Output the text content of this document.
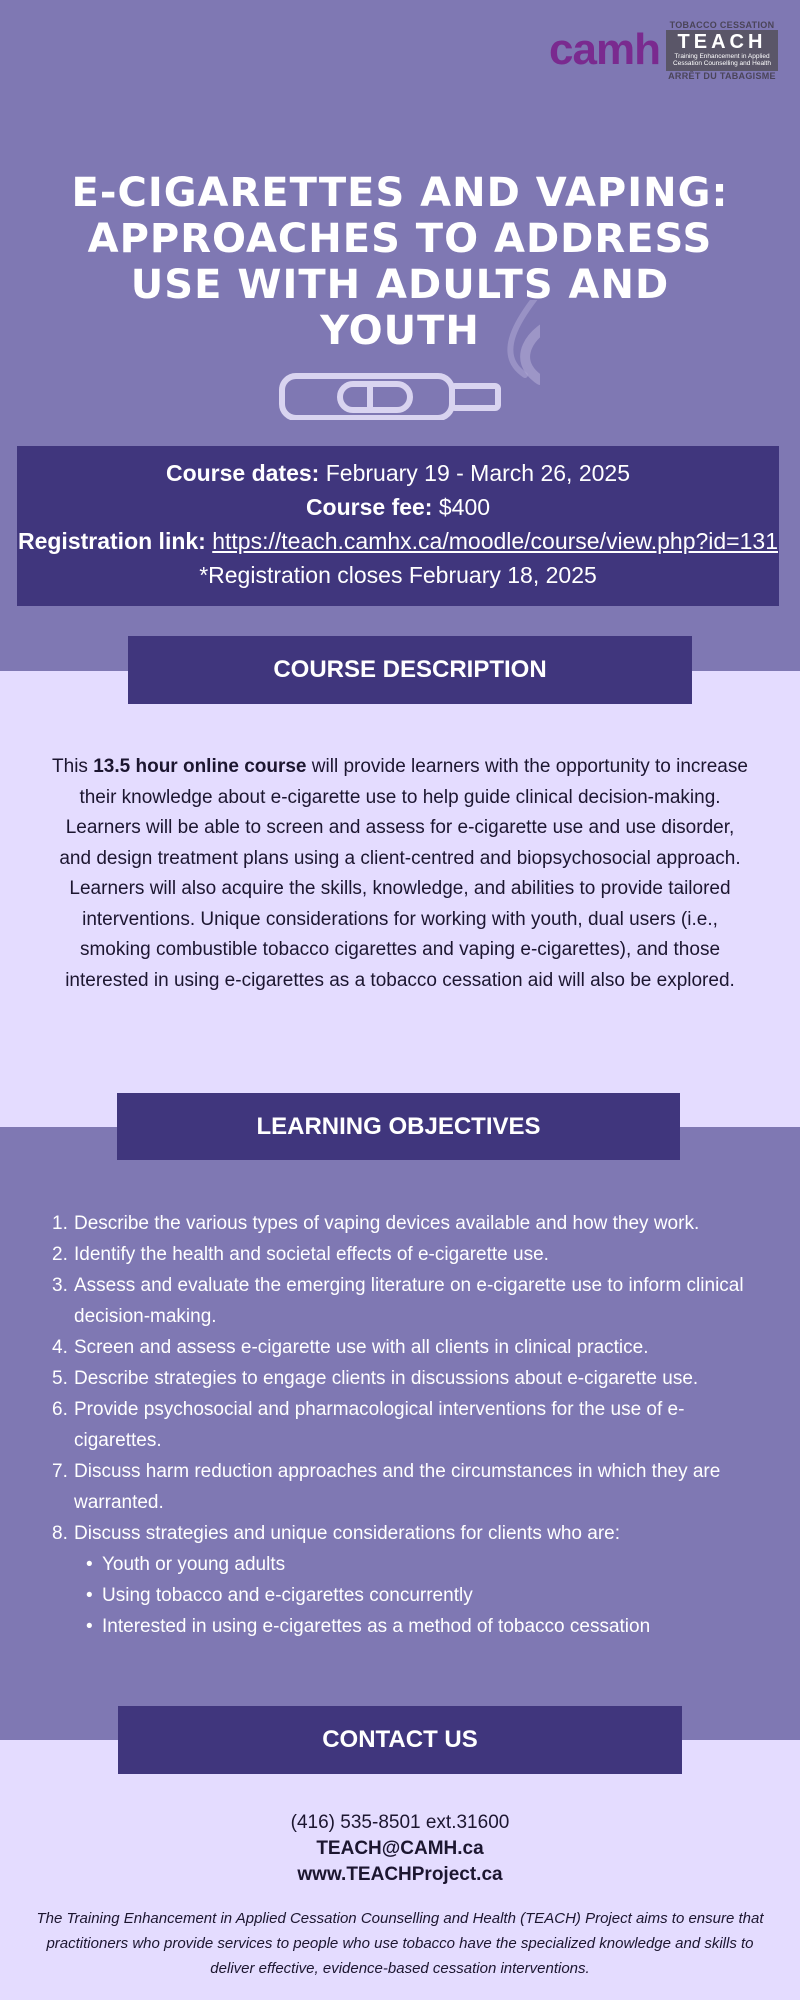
camh
TOBACCO CESSATION
TEACH
Training Enhancement in Applied Cessation Counselling and Health
ARRÊT DU TABAGISME
E-CIGARETTES AND VAPING: APPROACHES TO ADDRESS USE WITH ADULTS AND YOUTH
Course dates: February 19 - March 26, 2025
Course fee: $400
Registration link: https://teach.camhx.ca/moodle/course/view.php?id=131
*Registration closes February 18, 2025
COURSE DESCRIPTION

This 13.5 hour online course will provide learners with the opportunity to increase their knowledge about e-cigarette use to help guide clinical decision-making. Learners will be able to screen and assess for e-cigarette use and use disorder, and design treatment plans using a client-centred and biopsychosocial approach. Learners will also acquire the skills, knowledge, and abilities to provide tailored interventions. Unique considerations for working with youth, dual users (i.e., smoking combustible tobacco cigarettes and vaping e-cigarettes), and those interested in using e-cigarettes as a tobacco cessation aid will also be explored.

LEARNING OBJECTIVES
1. Describe the various types of vaping devices available and how they work.
2. Identify the health and societal effects of e-cigarette use.
3. Assess and evaluate the emerging literature on e-cigarette use to inform clinical decision-making.
4. Screen and assess e-cigarette use with all clients in clinical practice.
5. Describe strategies to engage clients in discussions about e-cigarette use.
6. Provide psychosocial and pharmacological interventions for the use of e-cigarettes.
7. Discuss harm reduction approaches and the circumstances in which they are warranted.
8. Discuss strategies and unique considerations for clients who are:
• Youth or young adults
• Using tobacco and e-cigarettes concurrently
• Interested in using e-cigarettes as a method of tobacco cessation
CONTACT US
(416) 535-8501 ext.31600
TEACH@CAMH.ca
www.TEACHProject.ca

The Training Enhancement in Applied Cessation Counselling and Health (TEACH) Project aims to ensure that practitioners who provide services to people who use tobacco have the specialized knowledge and skills to deliver effective, evidence-based cessation interventions.
